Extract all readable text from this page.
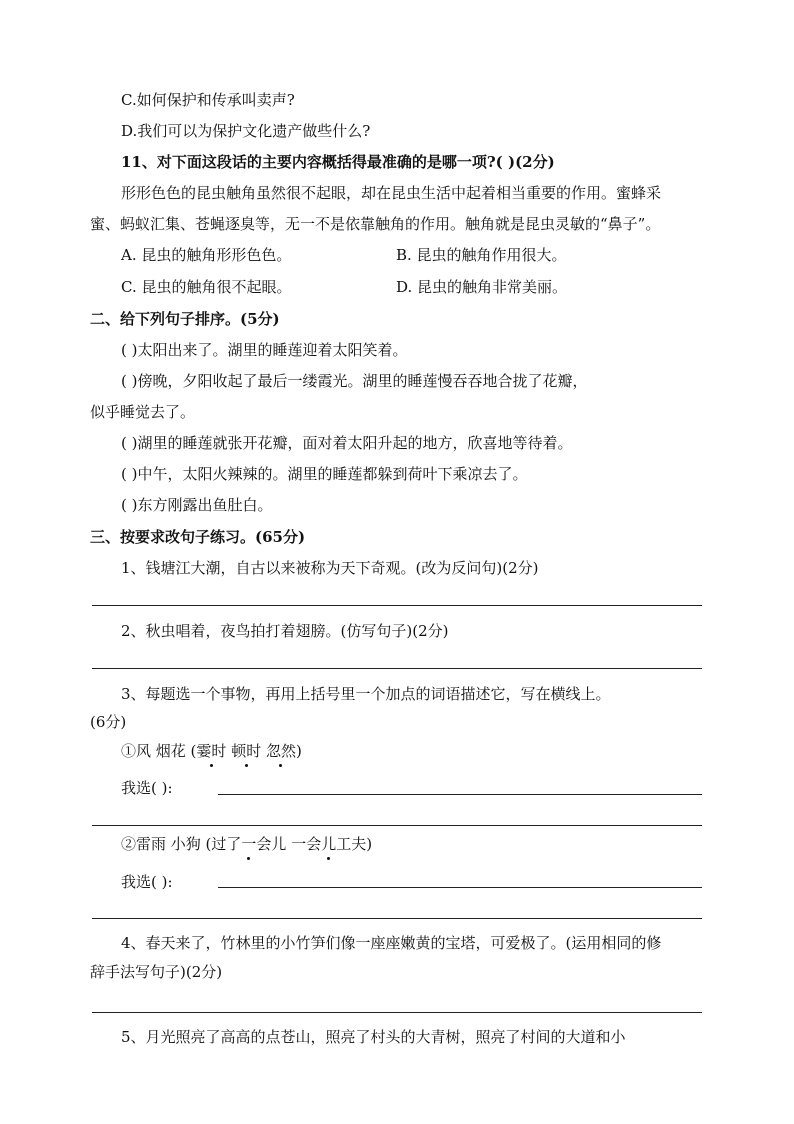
C.如何保护和传承叫卖声?
D.我们可以为保护文化遗产做些什么?
11、对下面这段话的主要内容概括得最准确的是哪一项?( )(2分)
形形色色的昆虫触角虽然很不起眼，却在昆虫生活中起着相当重要的作用。蜜蜂采
蜜、蚂蚁汇集、苍蝇逐臭等，无一不是依靠触角的作用。触角就是昆虫灵敏的“鼻子”。
A. 昆虫的触角形形色色。	B. 昆虫的触角作用很大。
C. 昆虫的触角很不起眼。	D. 昆虫的触角非常美丽。
二、给下列句子排序。(5分)
( )太阳出来了。湖里的睡莲迎着太阳笑着。
( )傍晚，夕阳收起了最后一缕霞光。湖里的睡莲慢吞吞地合拢了花瓣，
似乎睡觉去了。
( )湖里的睡莲就张开花瓣，面对着太阳升起的地方，欣喜地等待着。
( )中午，太阳火辣辣的。湖里的睡莲都躲到荷叶下乘凉去了。
( )东方刚露出鱼肚白。
三、按要求改句子练习。(65分)
1、钱塘江大潮，自古以来被称为天下奇观。(改为反问句)(2分)
2、秋虫唱着，夜鸟拍打着翅膀。(仿写句子)(2分)
3、每题选一个事物，再用上括号里一个加点的词语描述它，写在横线上。
(6分)
①风 烟花 (霎时 顿时 忽然)
我选( ):
②雷雨 小狗 (过了一会儿 一会儿工夫)
我选( ):
4、春天来了，竹林里的小竹笋们像一座座嫩黄的宝塔，可爱极了。(运用相同的修
辞手法写句子)(2分)
5、月光照亮了高高的点苍山，照亮了村头的大青树，照亮了村间的大道和小
